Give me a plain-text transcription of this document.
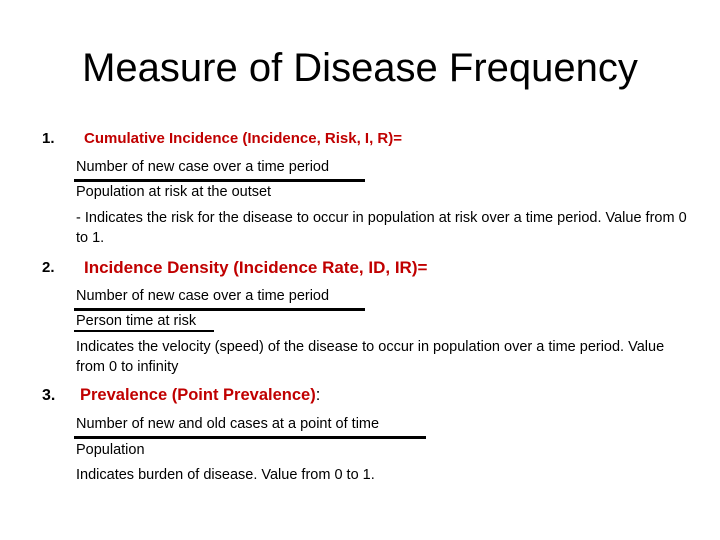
Measure of Disease Frequency
1. Cumulative Incidence (Incidence, Risk, I, R)=
Number of new case over a time period
Population at risk at the outset
- Indicates the risk for the disease to occur in population at risk over a time period. Value from 0 to 1.
2. Incidence Density (Incidence Rate, ID, IR)=
Number of new case over a time period
Person time at risk
Indicates the velocity (speed) of the disease to occur in population over a time period. Value from 0 to infinity
3. Prevalence (Point Prevalence):
Number of new and old cases at a point of time
Population
Indicates burden of disease. Value from 0 to 1.
